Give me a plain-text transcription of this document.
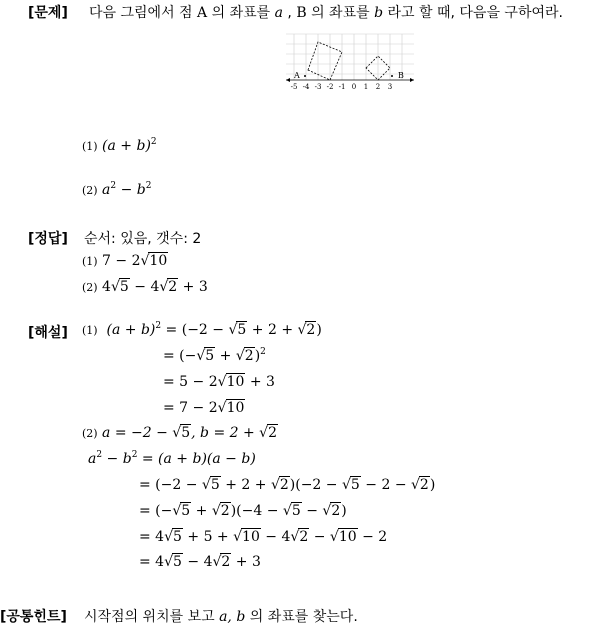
[문제] 다음 그림에서 점 A 의 좌표를 a , B 의 좌표를 b 라고 할 때, 다음을 구하여라.
A	B
-5 -4 -3 -2 -1 0 1 2 3
(1) $(a + b)^2$
(2) $a^2 - b^2$
[정답] 순서: 있음, 갯수: 2
(1) 7 − 2√10
(2) 4√5 − 4√2 + 3
[해설] (1) $(a + b)^2 = (-2 - √5 + 2 + √2)$
= $(-√5 + √2)^2$
= 5 − 2√10 + 3
= 7 − 2√10
(2) a = −2 − √5, b = 2 + √2
$a^2 - b^2 = (a + b)(a - b)$
= (−2 − √5 + 2 + √2)(−2 − √5 − 2 − √2)
= (−√5 + √2)(−4 − √5 − √2)
= 4√5 + 5 + √10 − 4√2 − √10 − 2
= 4√5 − 4√2 + 3
[공통힌트] 시작점의 위치를 보고 a, b 의 좌표를 찾는다.
